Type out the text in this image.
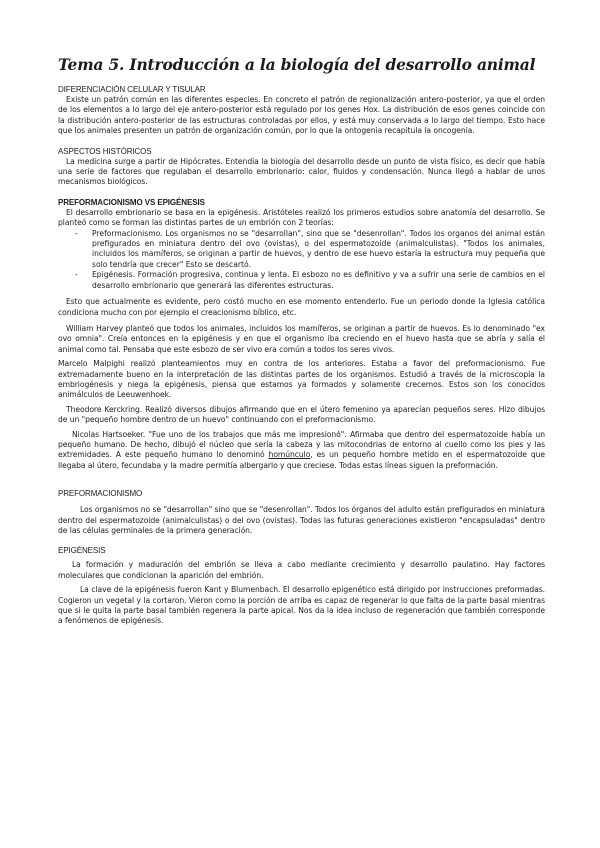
Tema 5. Introducción a la biología del desarrollo animal
DIFERENCIACIÓN CELULAR Y TISULAR

Existe un patrón común en las diferentes especies. En concreto el patrón de regionalización antero-posterior, ya que el orden de los elementos a lo largo del eje antero-posterior está regulado por los genes Hox. La distribución de esos genes coincide con la distribución antero-posterior de las estructuras controladas por ellos, y está muy conservada a lo largo del tiempo. Esto hace que los animales presenten un patrón de organización común, por lo que la ontogenia recapitula la oncogenia.

ASPECTOS HISTÓRICOS

La medicina surge a partir de Hipócrates. Entendía la biología del desarrollo desde un punto de vista físico, es decir que había una serie de factores que regulaban el desarrollo embrionario: calor, fluidos y condensación. Nunca llegó a hablar de unos mecanismos biológicos.

PREFORMACIONISMO VS EPIGÉNESIS

El desarrollo embrionario se basa en la epigénesis. Aristóteles realizó los primeros estudios sobre anatomía del desarrollo. Se planteó como se forman las distintas partes de un embrión con 2 teorías:

- Preformacionismo. Los organismos no se "desarrollan", sino que se "desenrollan". Todos los organos del animal están prefigurados en miniatura dentro del ovo (ovistas), o del espermatozoide (animalculistas). "Todos los animales, incluidos los mamíferos, se originan a partir de huevos, y dentro de ese huevo estaría la estructura muy pequeña que solo tendría que crecer" Esto se descartó.
- Epigénesis. Formación progresiva, continua y lenta. El esbozo no es definitivo y va a sufrir una serie de cambios en el desarrollo embrionario que generará las diferentes estructuras.

Esto que actualmente es evidente, pero costó mucho en ese momento entenderlo. Fue un periodo donde la Iglesia católica condiciona mucho con por ejemplo el creacionismo bíblico, etc.

William Harvey planteó que todos los animales, incluidos los mamíferos, se originan a partir de huevos. Es lo denominado "ex ovo omnia". Creía entonces en la epigénesis y en que el organismo iba creciendo en el huevo hasta que se abría y salía el animal como tal. Pensaba que este esbozo de ser vivo era común a todos los seres vivos.

Marcelo Malpighi realizó planteamientos muy en contra de los anteriores. Estaba a favor del preformacionismo. Fue extremadamente bueno en la interpretación de las distintas partes de los organismos. Estudió a través de la microscopía la embriogénesis y niega la epigénesis, piensa que estamos ya formados y solamente crecemos. Estos son los conocidos animálculos de Leeuwenhoek.

Theodore Kerckring. Realizó diversos dibujos afirmando que en el útero femenino ya aparecían pequeños seres. Hizo dibujos de un "pequeño hombre dentro de un huevo" continuando con el preformacionismo.

Nicolas Hartsoeker. "Fue uno de los trabajos que más me impresionó". Afirmaba que dentro del espermatozoide había un pequeño humano. De hecho, dibujó el núcleo que sería la cabeza y las mitocondrias de entorno al cuello como los pies y las extremidades. A este pequeño humano lo denominó homúnculo, es un pequeño hombre metido en el espermatozoide que llegaba al útero, fecundaba y la madre permitía albergarlo y que creciese. Todas estas líneas siguen la preformación.

PREFORMACIONISMO

Los organismos no se "desarrollan" sino que se "desenrollan". Todos los órganos del adulto están prefigurados en miniatura dentro del espermatozoide (animalculistas) o del ovo (ovistas). Todas las futuras generaciones existieron "encapsuladas" dentro de las células germinales de la primera generación.

EPIGÉNESIS

La formación y maduración del embrión se lleva a cabo mediante crecimiento y desarrollo paulatino. Hay factores moleculares que condicionan la aparición del embrión.

La clave de la epigénesis fueron Kant y Blumenbach. El desarrollo epigenético está dirigido por instrucciones preformadas. Cogieron un vegetal y la cortaron. Vieron como la porción de arriba es capaz de regenerar lo que falta de la parte basal mientras que si le quita la parte basal también regenera la parte apical. Nos da la idea incluso de regeneración que también corresponde a fenómenos de epigénesis.
